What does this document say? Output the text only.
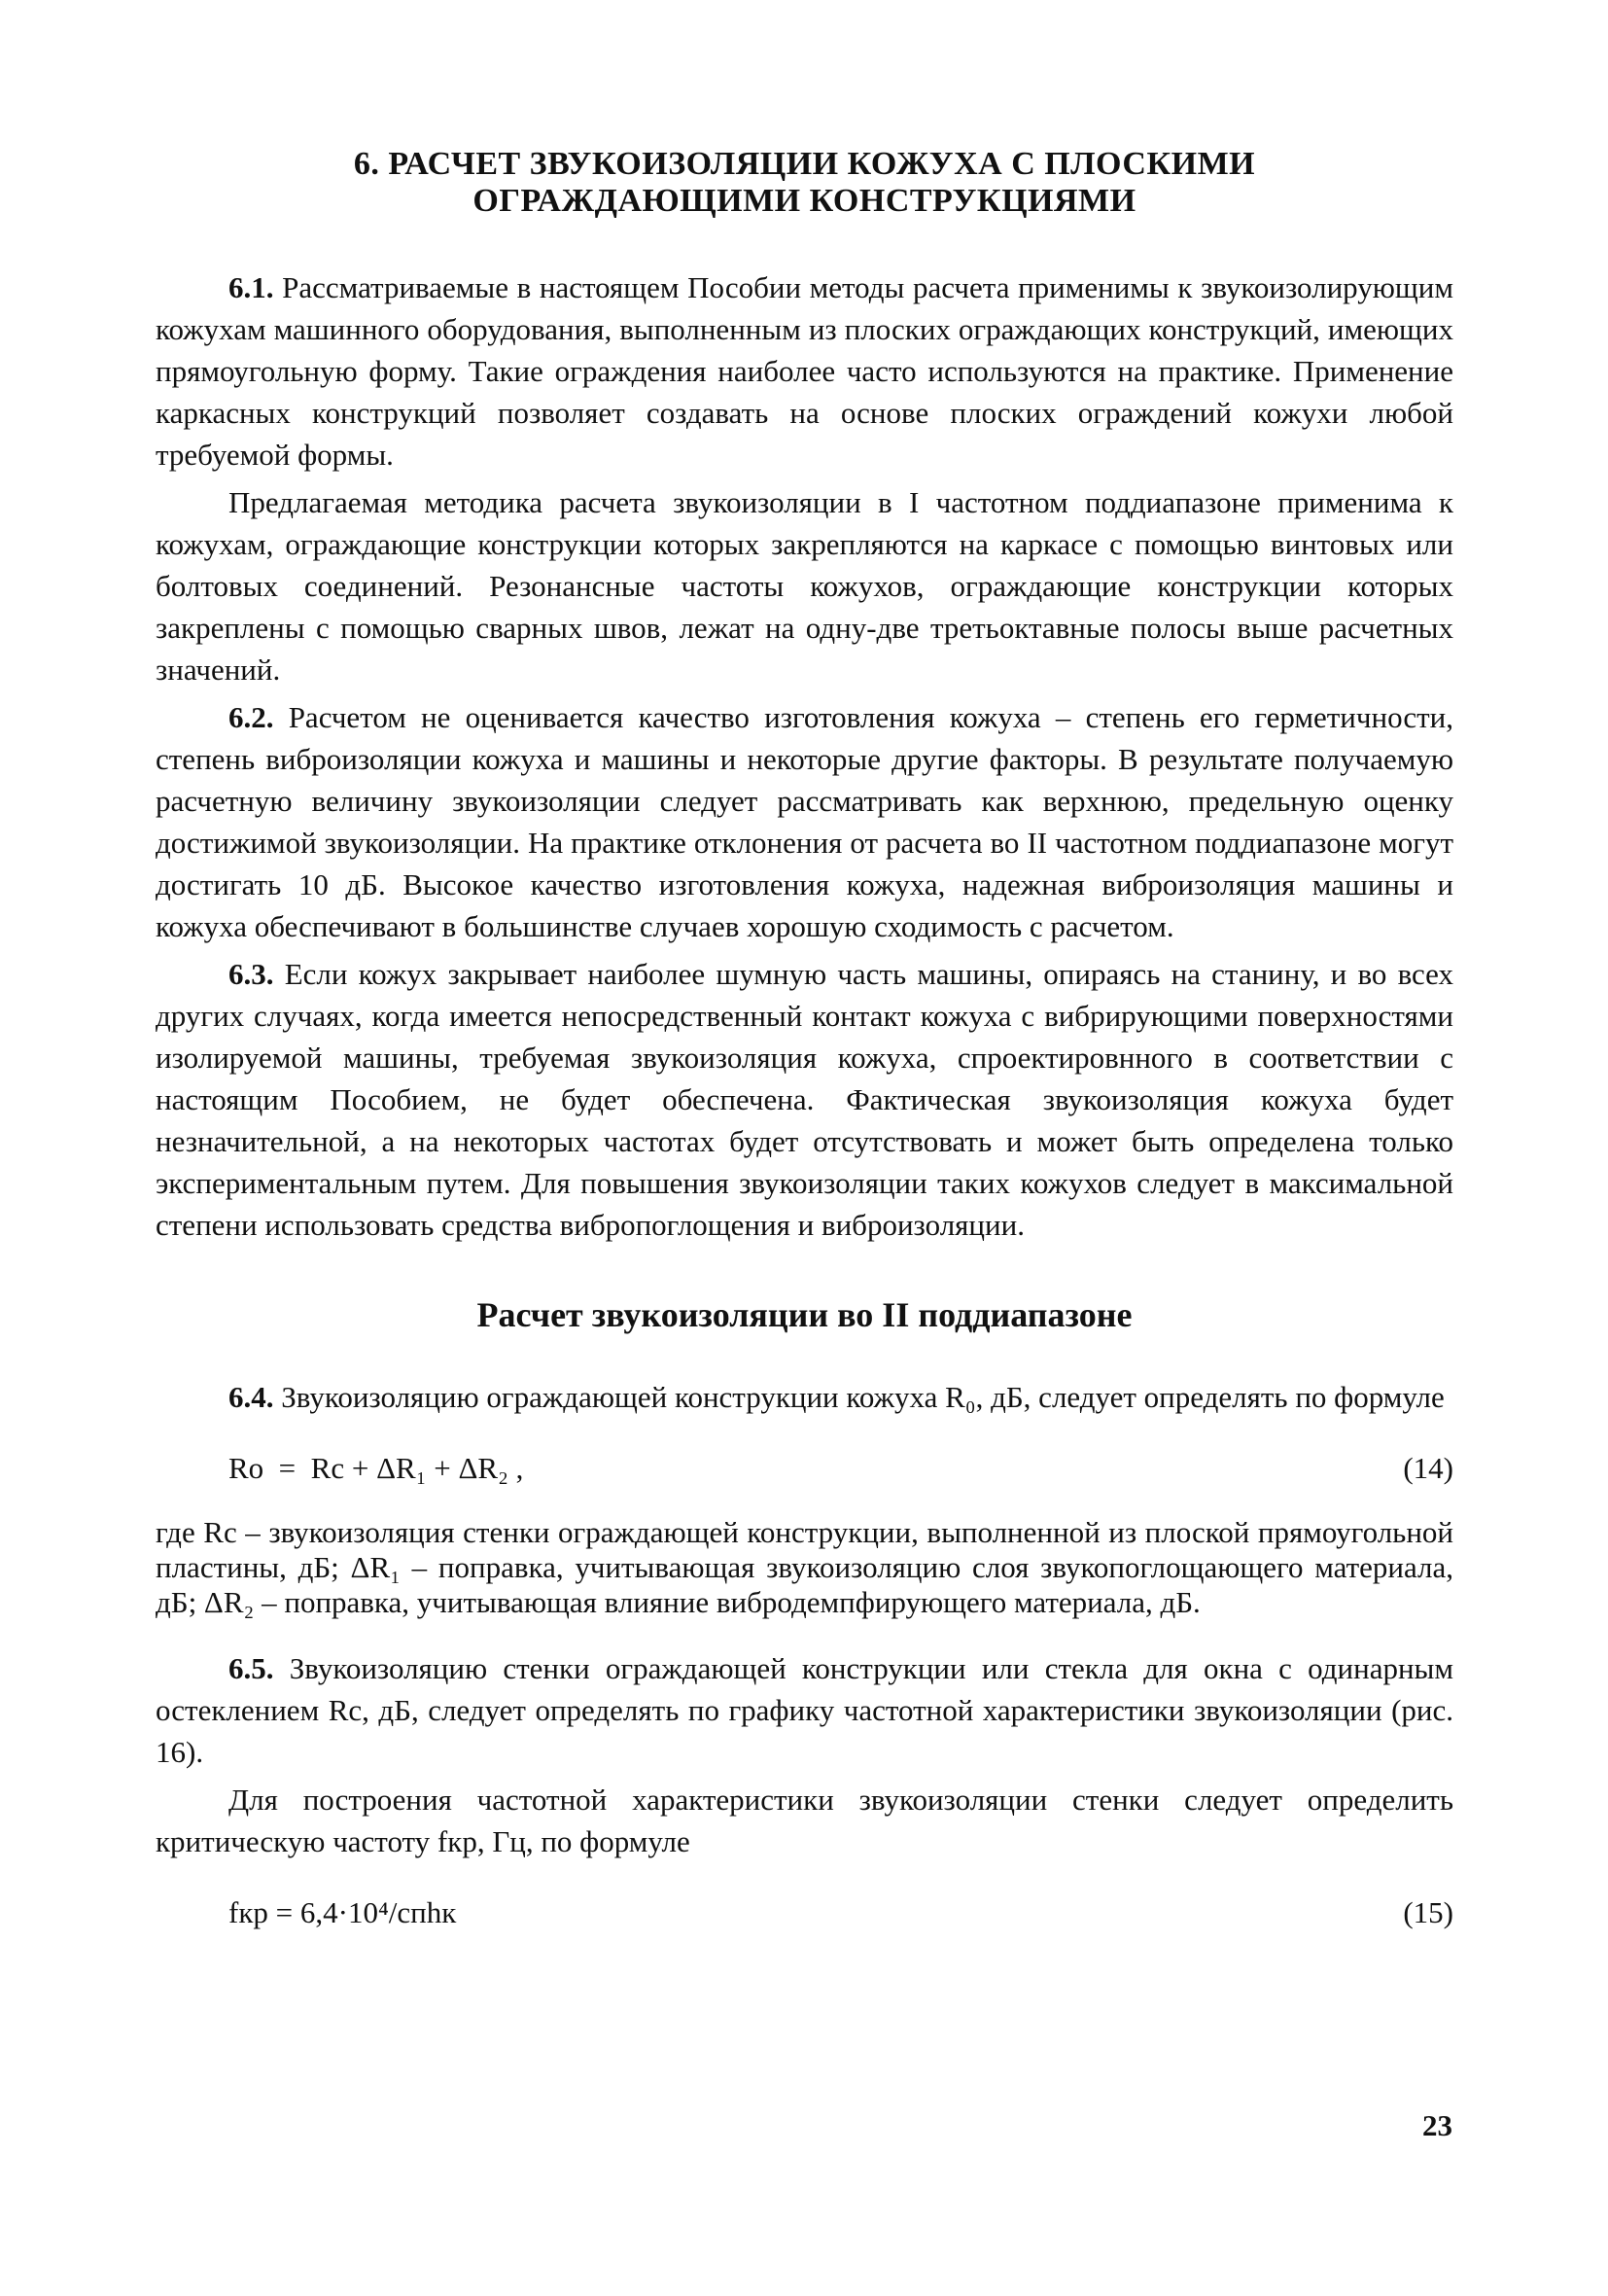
6. РАСЧЕТ ЗВУКОИЗОЛЯЦИИ КОЖУХА С ПЛОСКИМИ
ОГРАЖДАЮЩИМИ КОНСТРУКЦИЯМИ

6.1. Рассматриваемые в настоящем Пособии методы расчета применимы к звукоизолирующим кожухам машинного оборудования, выполненным из плоских ограждающих конструкций, имеющих прямоугольную форму. Такие ограждения наиболее часто используются на практике. Применение каркасных конструкций позволяет создавать на основе плоских ограждений кожухи любой требуемой формы.

Предлагаемая методика расчета звукоизоляции в I частотном поддиапазоне применима к кожухам, ограждающие конструкции которых закрепляются на каркасе с помощью винтовых или болтовых соединений. Резонансные частоты кожухов, ограждающие конструкции которых закреплены с помощью сварных швов, лежат на одну-две третьоктавные полосы выше расчетных значений.

6.2. Расчетом не оценивается качество изготовления кожуха – степень его герметичности, степень виброизоляции кожуха и машины и некоторые другие факторы. В результате получаемую расчетную величину звукоизоляции следует рассматривать как верхнюю, предельную оценку достижимой звукоизоляции. На практике отклонения от расчета во II частотном поддиапазоне могут достигать 10 дБ. Высокое качество изготовления кожуха, надежная виброизоляция машины и кожуха обеспечивают в большинстве случаев хорошую сходимость с расчетом.

6.3. Если кожух закрывает наиболее шумную часть машины, опираясь на станину, и во всех других случаях, когда имеется непосредственный контакт кожуха с вибрирующими поверхностями изолируемой машины, требуемая звукоизоляция кожуха, спроектировнного в соответствии с настоящим Пособием, не будет обеспечена. Фактическая звукоизоляция кожуха будет незначительной, а на некоторых частотах будет отсутствовать и может быть определена только экспериментальным путем. Для повышения звукоизоляции таких кожухов следует в максимальной степени использовать средства вибропоглощения и виброизоляции.

Расчет звукоизоляции во II поддиапазоне

6.4. Звукоизоляцию ограждающей конструкции кожуха R₀, дБ, следует определять по формуле

Rо  =  Rс + ΔR₁ + ΔR₂ ,	(14)
где Rс – звукоизоляция стенки ограждающей конструкции, выполненной из плоской прямоугольной пластины, дБ; ΔR₁ – поправка, учитывающая звукоизоляцию слоя звукопоглощающего материала, дБ; ΔR₂ – поправка, учитывающая влияние вибродемпфирующего материала, дБ.

6.5. Звукоизоляцию стенки ограждающей конструкции или стекла для окна с одинарным остеклением Rс, дБ, следует определять по графику частотной характеристики звукоизоляции (рис. 16).

Для построения частотной характеристики звукоизоляции стенки следует определить критическую частоту fкр, Гц, по формуле

fкр = 6,4·10⁴/cпhк	(15)
23
